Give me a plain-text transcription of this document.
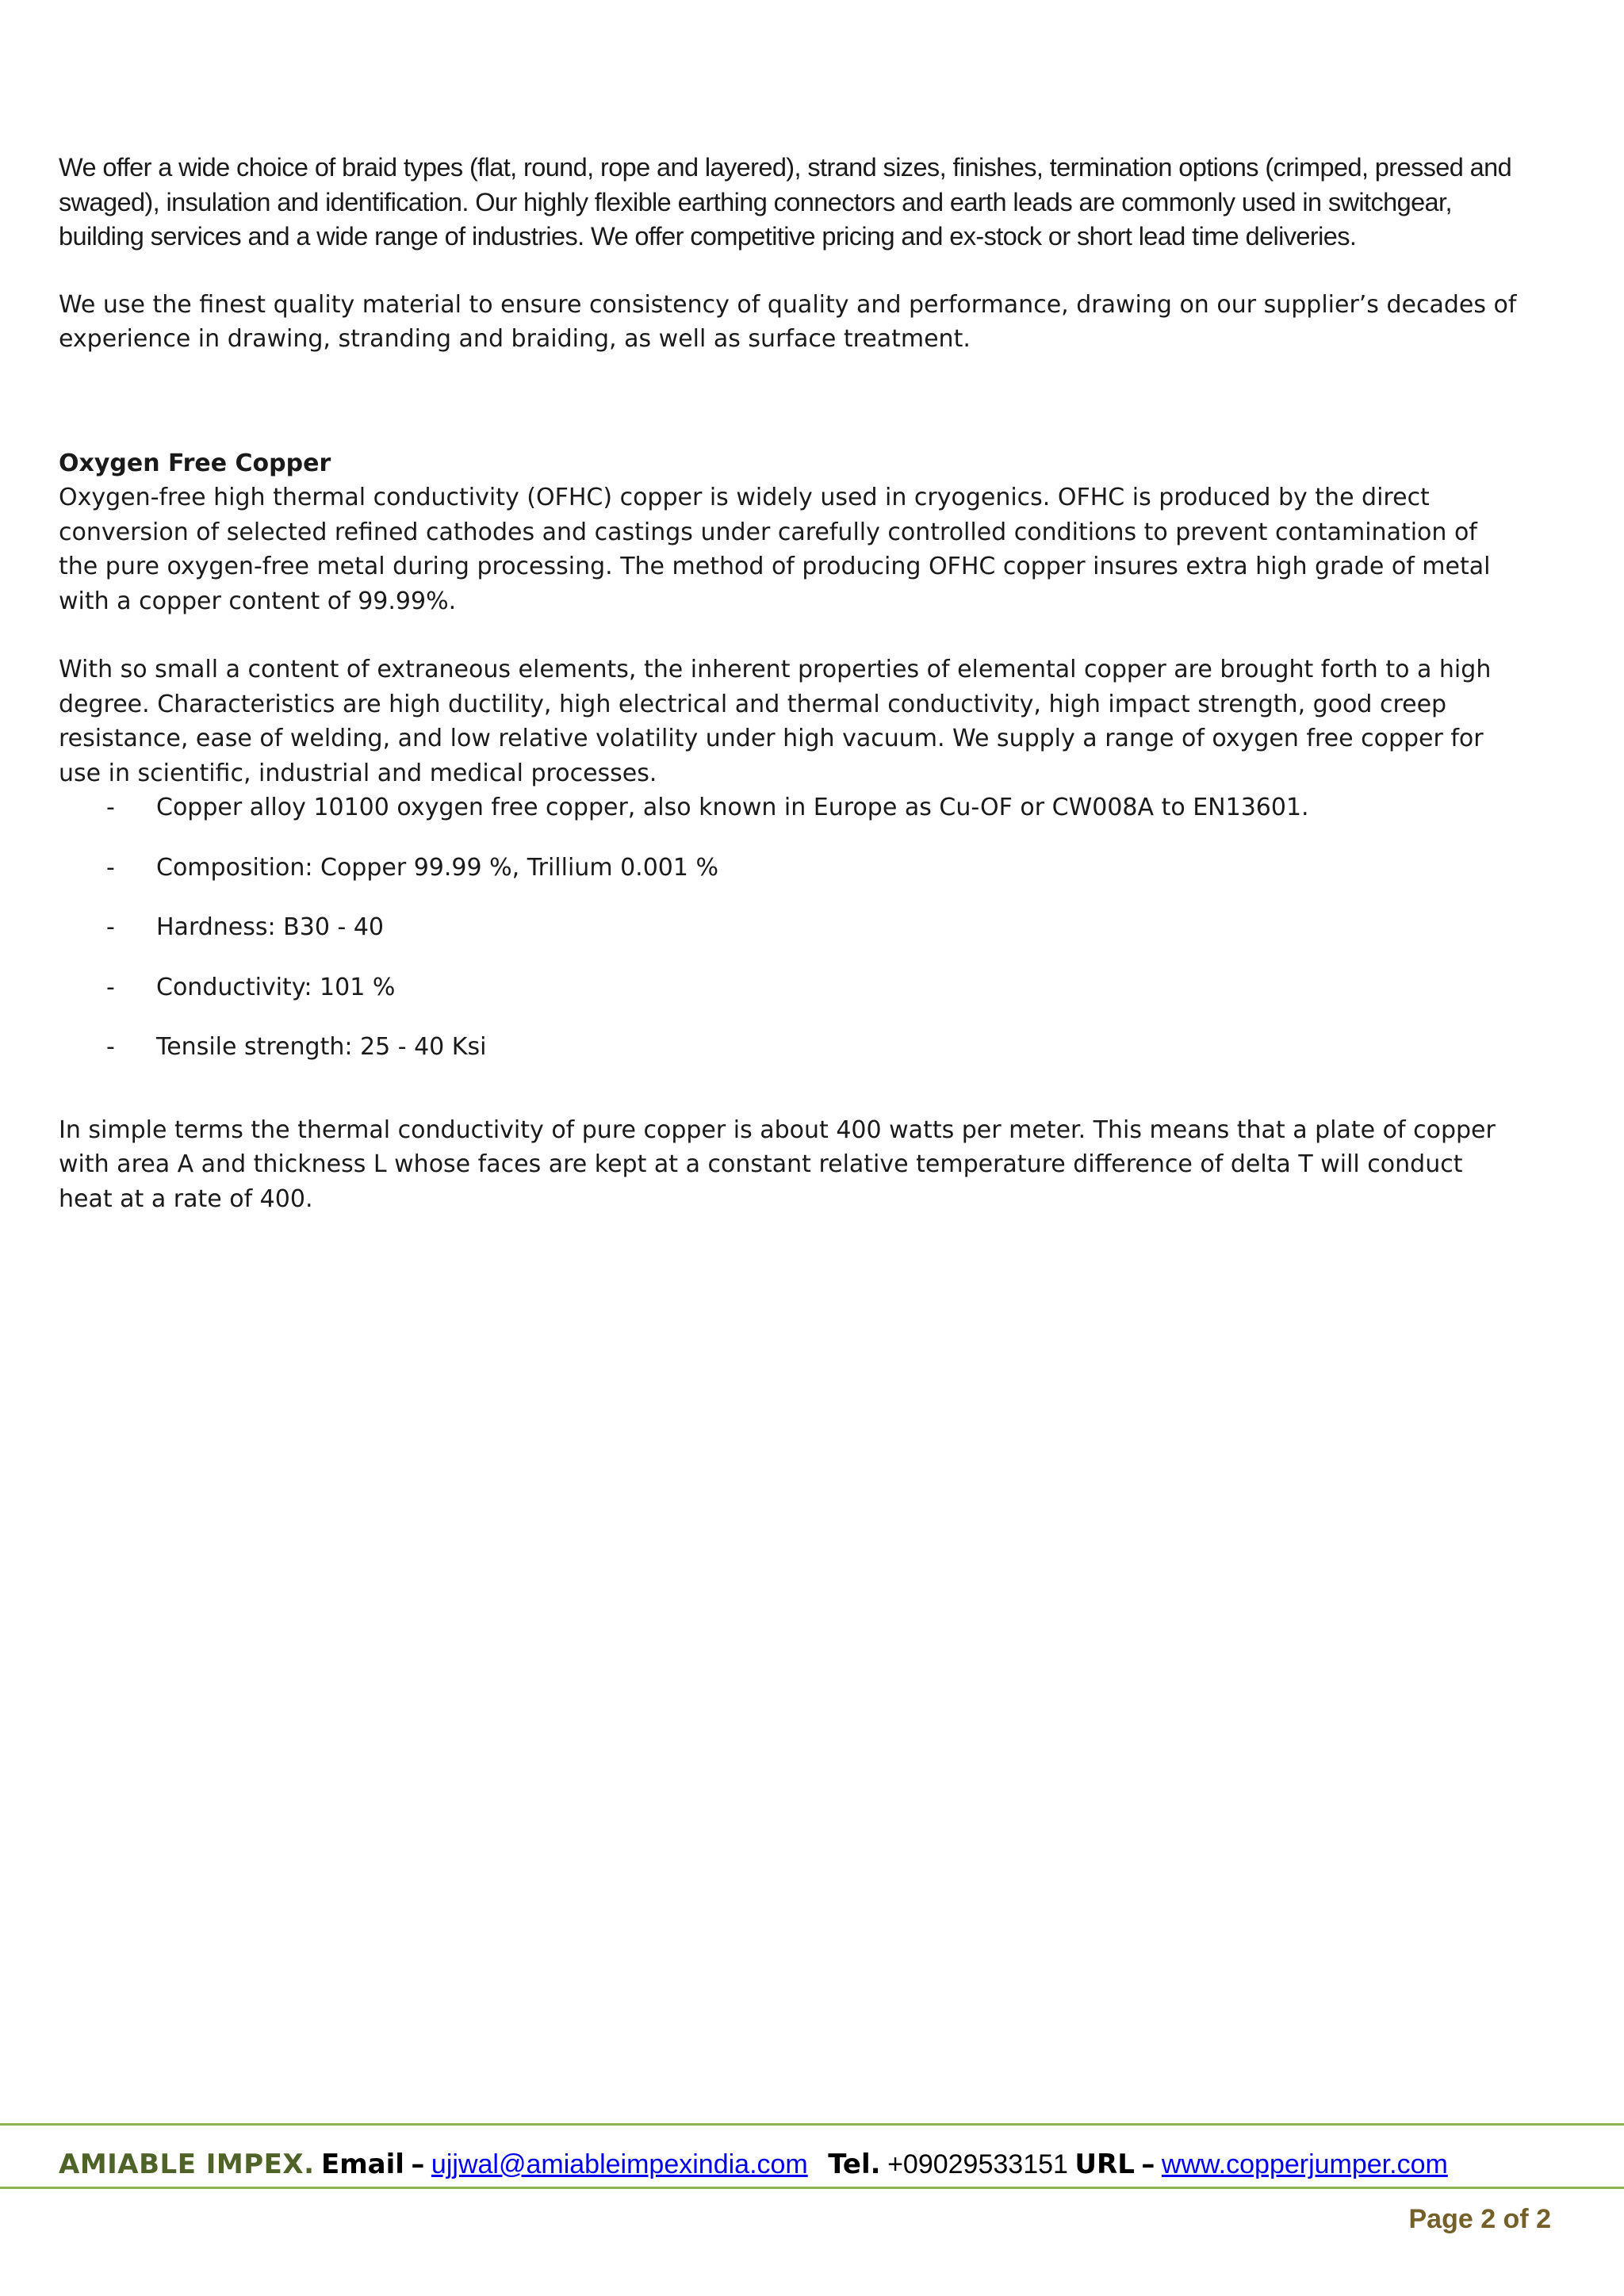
We offer a wide choice of braid types (flat, round, rope and layered), strand sizes, finishes, termination options (crimped, pressed and swaged), insulation and identification. Our highly flexible earthing connectors and earth leads are commonly used in switchgear, building services and a wide range of industries. We offer competitive pricing and ex-stock or short lead time deliveries.

We use the finest quality material to ensure consistency of quality and performance, drawing on our supplier’s decades of experience in drawing, stranding and braiding, as well as surface treatment.

Oxygen Free Copper

Oxygen-free high thermal conductivity (OFHC) copper is widely used in cryogenics. OFHC is produced by the direct conversion of selected refined cathodes and castings under carefully controlled conditions to prevent contamination of the pure oxygen-free metal during processing. The method of producing OFHC copper insures extra high grade of metal with a copper content of 99.99%.

With so small a content of extraneous elements, the inherent properties of elemental copper are brought forth to a high degree. Characteristics are high ductility, high electrical and thermal conductivity, high impact strength, good creep resistance, ease of welding, and low relative volatility under high vacuum. We supply a range of oxygen free copper for use in scientific, industrial and medical processes.

- Copper alloy 10100 oxygen free copper, also known in Europe as Cu-OF or CW008A to EN13601.
- Composition: Copper 99.99 %, Trillium 0.001 %
- Hardness: B30 - 40
- Conductivity: 101 %
- Tensile strength: 25 - 40 Ksi

In simple terms the thermal conductivity of pure copper is about 400 watts per meter. This means that a plate of copper with area A and thickness L whose faces are kept at a constant relative temperature difference of delta T will conduct heat at a rate of 400.

AMIABLE IMPEX. Email – ujjwal@amiableimpexindia.com Tel. +09029533151 URL – www.copperjumper.com
Page 2 of 2
